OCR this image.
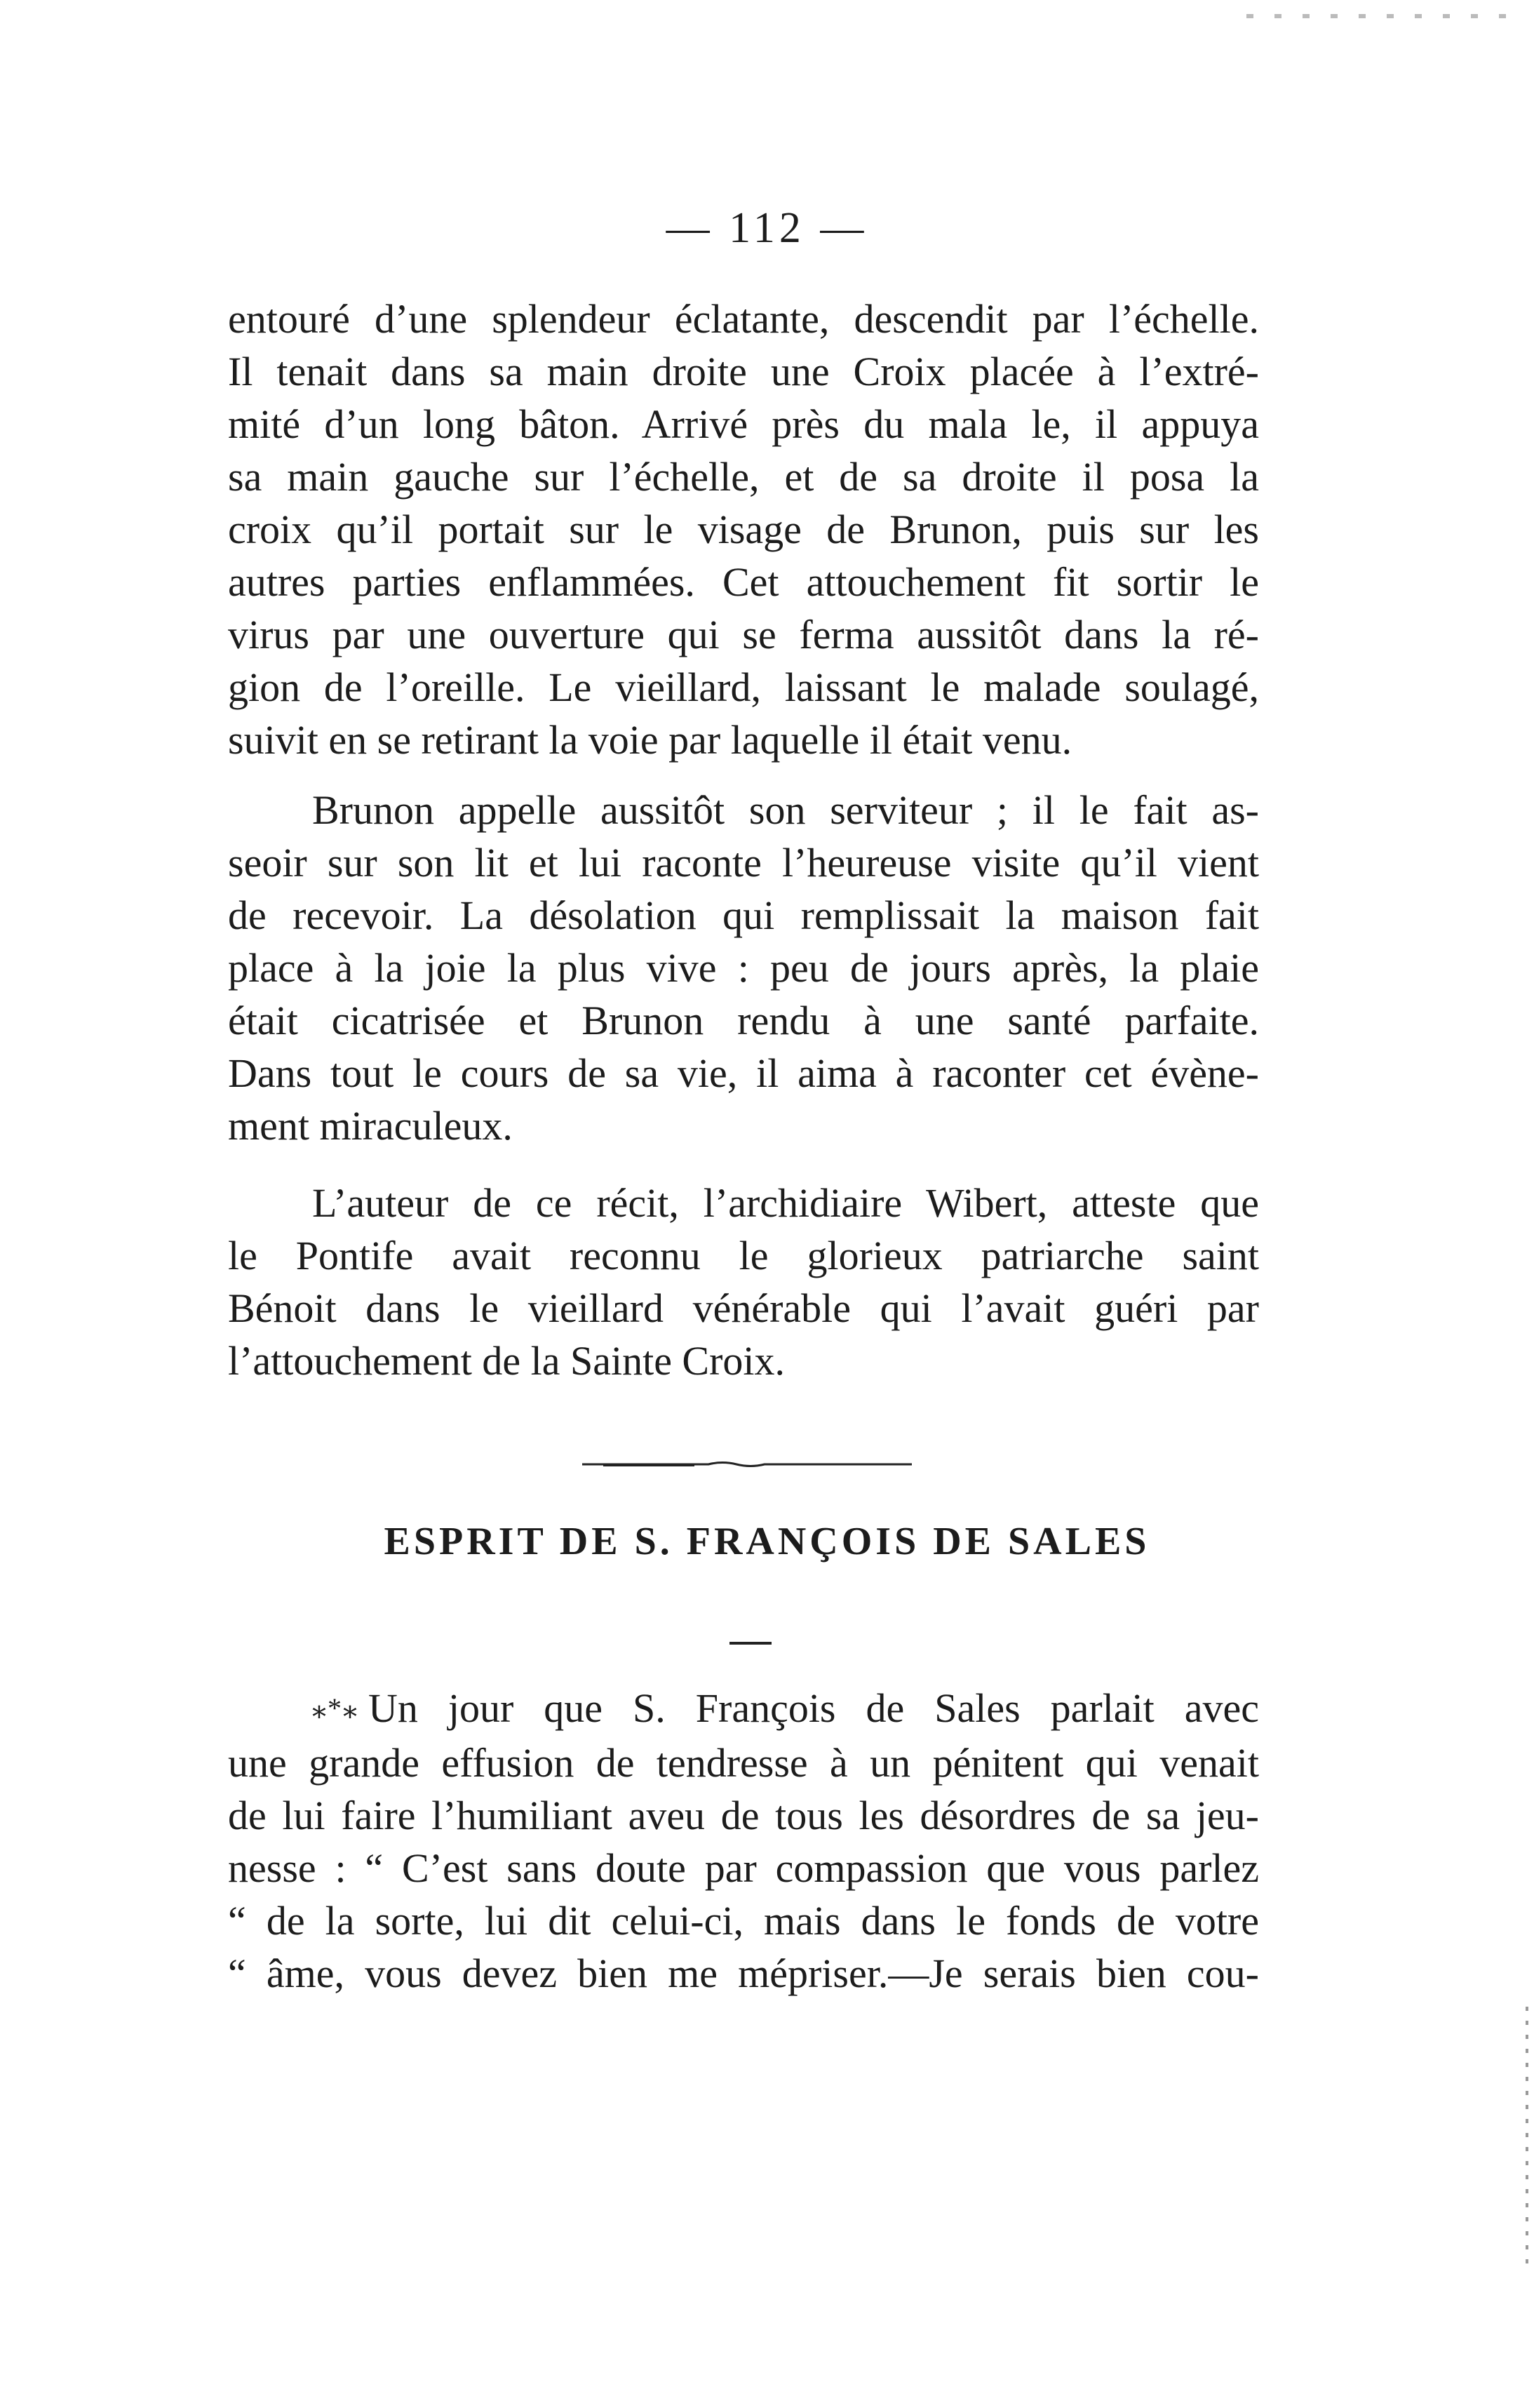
— 112 —
entouré d’une splendeur éclatante, descendit par l’échelle.
Il tenait dans sa main droite une Croix placée à l’extré-
mité d’un long bâton. Arrivé près du mala le, il appuya
sa main gauche sur l’échelle, et de sa droite il posa la
croix qu’il portait sur le visage de Brunon, puis sur les
autres parties enflammées. Cet attouchement fit sortir le
virus par une ouverture qui se ferma aussitôt dans la ré-
gion de l’oreille. Le vieillard, laissant le malade soulagé,
suivit en se retirant la voie par laquelle il était venu.
Brunon appelle aussitôt son serviteur ; il le fait as-
seoir sur son lit et lui raconte l’heureuse visite qu’il vient
de recevoir. La désolation qui remplissait la maison fait
place à la joie la plus vive : peu de jours après, la plaie
était cicatrisée et Brunon rendu à une santé parfaite.
Dans tout le cours de sa vie, il aima à raconter cet évène-
ment miraculeux.
L’auteur de ce récit, l’archidiaire Wibert, atteste que
le Pontife avait reconnu le glorieux patriarche saint
Bénoit dans le vieillard vénérable qui l’avait guéri par
l’attouchement de la Sainte Croix.
ESPRIT DE S. FRANÇOIS DE SALES
⁎*⁎ Un jour que S. François de Sales parlait avec
une grande effusion de tendresse à un pénitent qui venait
de lui faire l’humiliant aveu de tous les désordres de sa jeu-
nesse : “ C’est sans doute par compassion que vous parlez
“ de la sorte, lui dit celui-ci, mais dans le fonds de votre
“ âme, vous devez bien me mépriser.—Je serais bien cou-
